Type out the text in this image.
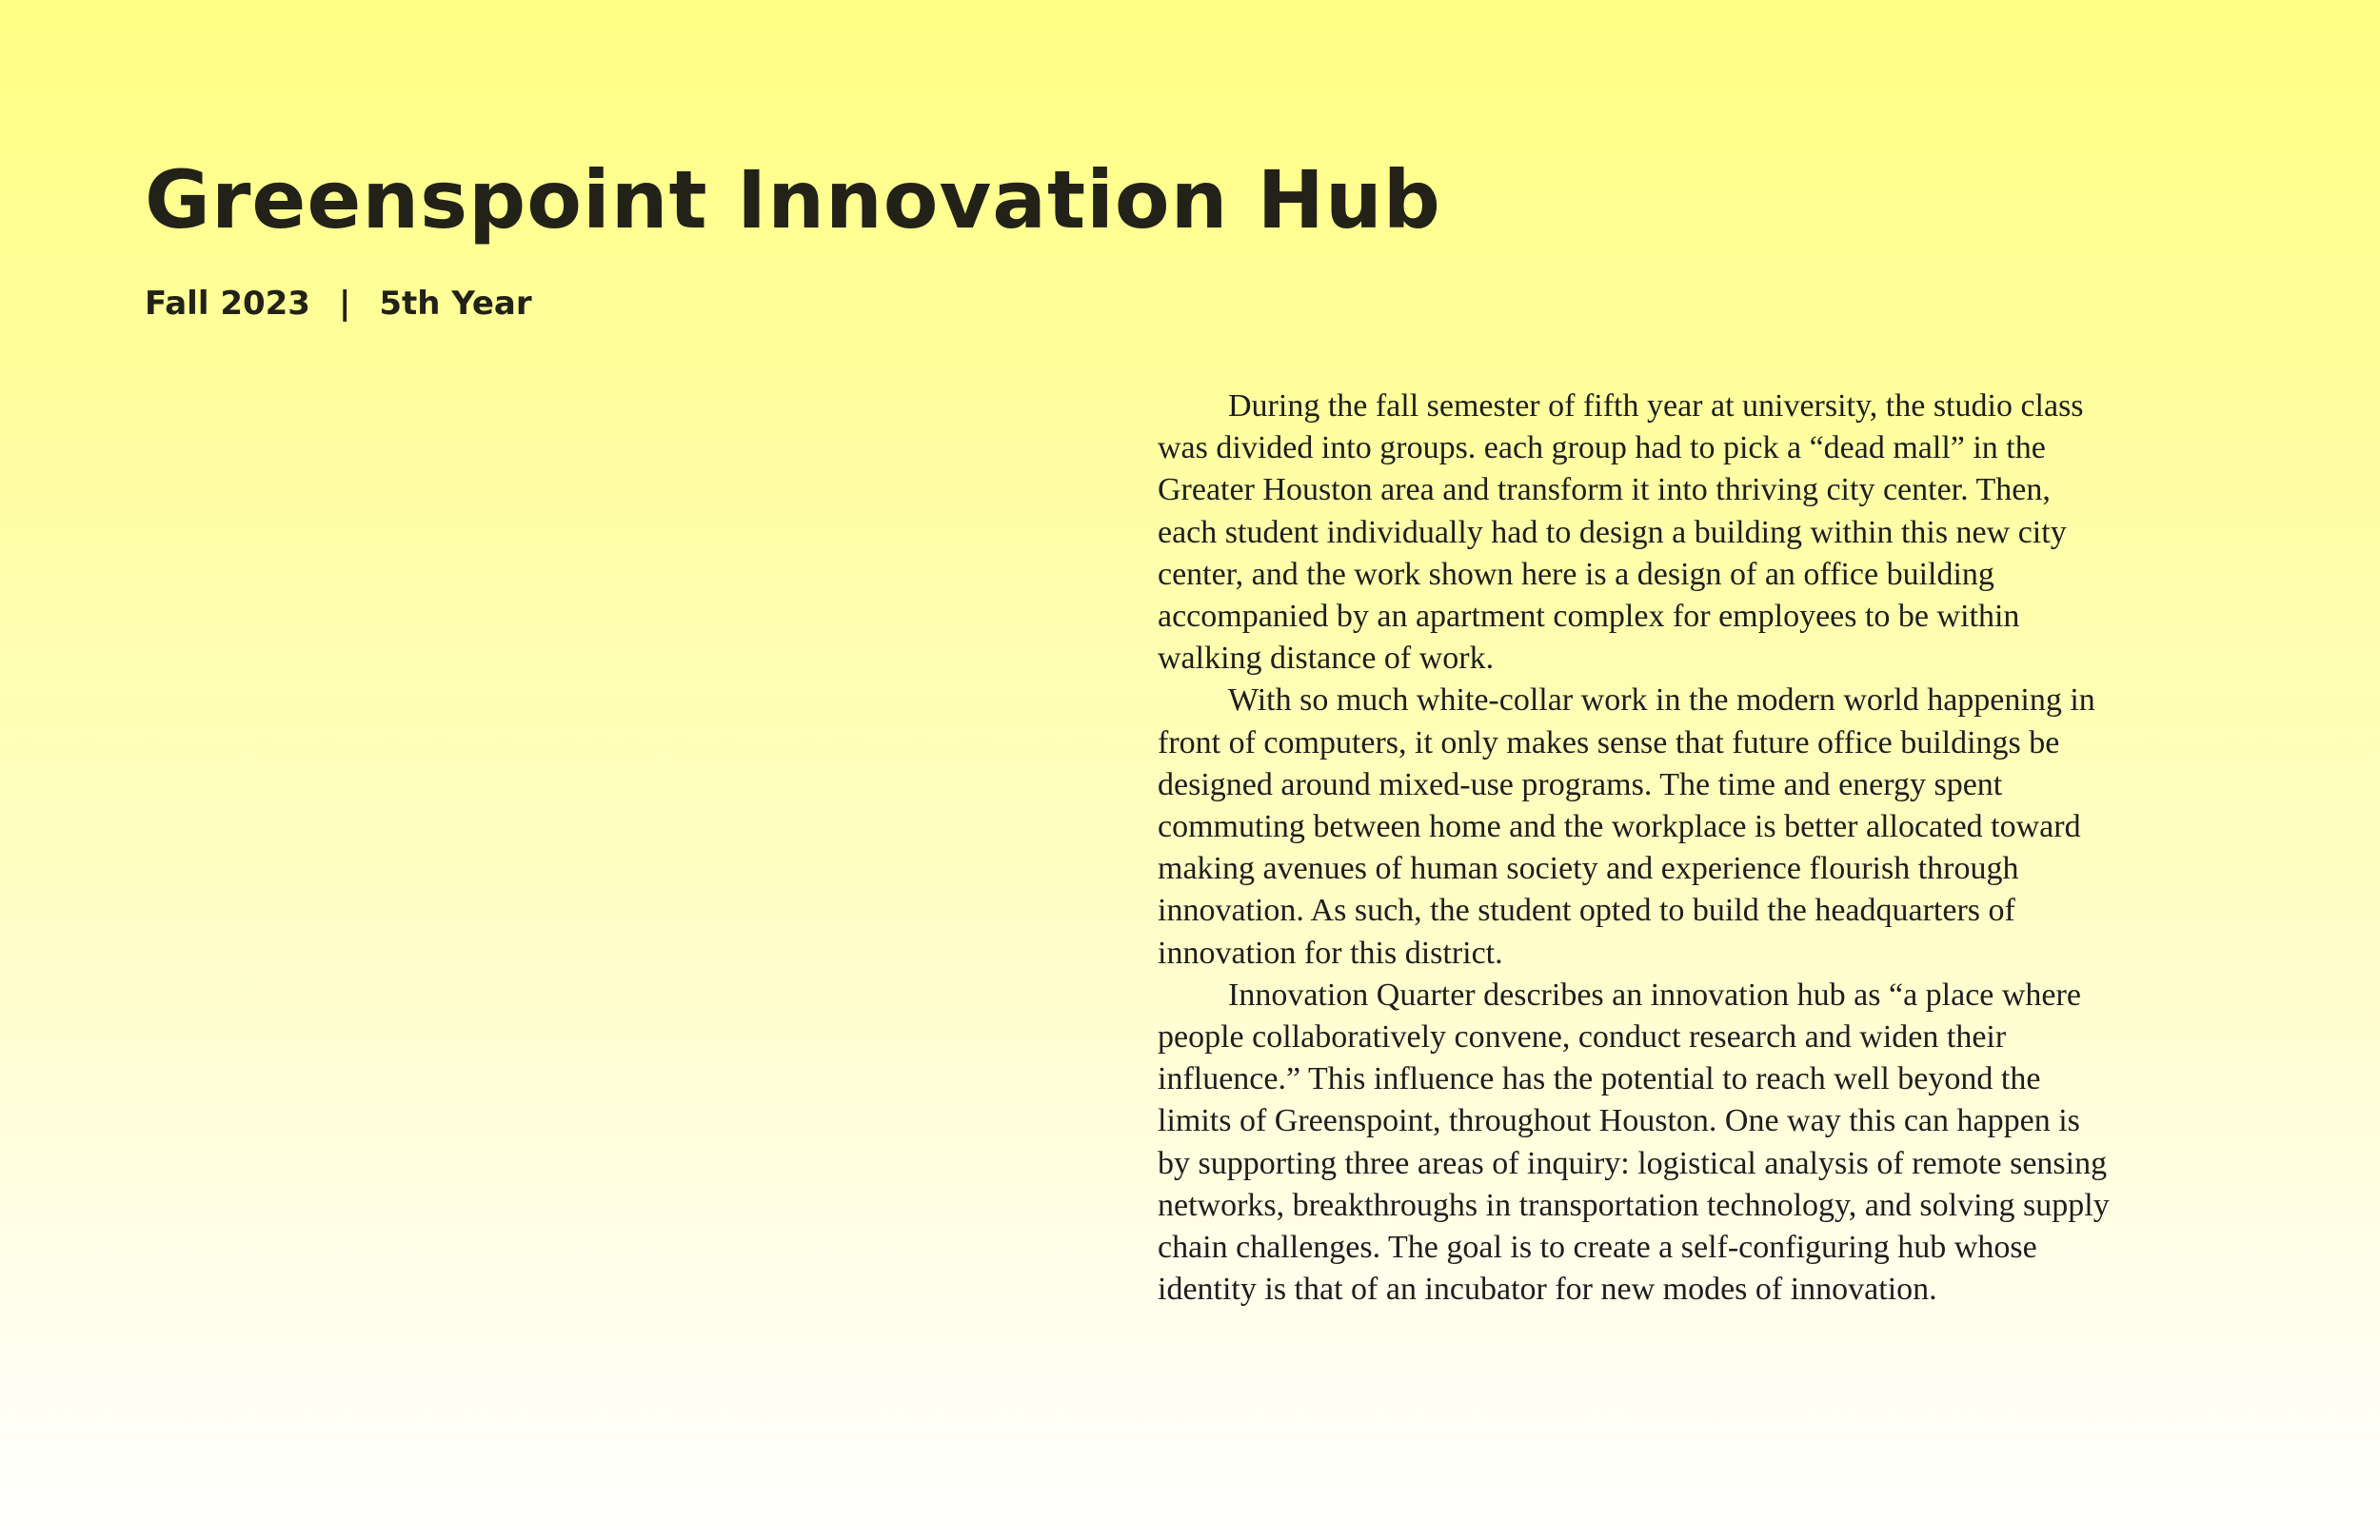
Greenspoint Innovation Hub
Fall 2023 | 5th Year

During the fall semester of fifth year at university, the studio class was divided into groups. each group had to pick a “dead mall” in the Greater Houston area and transform it into thriving city center. Then, each student individually had to design a building within this new city center, and the work shown here is a design of an office building accompanied by an apartment complex for employees to be within walking distance of work.

With so much white-collar work in the modern world happening in front of computers, it only makes sense that future office buildings be designed around mixed-use programs. The time and energy spent commuting between home and the workplace is better allocated toward making avenues of human society and experience flourish through innovation. As such, the student opted to build the headquarters of innovation for this district.

Innovation Quarter describes an innovation hub as “a place where people collaboratively convene, conduct research and widen their influence.” This influence has the potential to reach well beyond the limits of Greenspoint, throughout Houston. One way this can happen is by supporting three areas of inquiry: logistical analysis of remote sensing networks, breakthroughs in transportation technology, and solving supply chain challenges. The goal is to create a self-configuring hub whose identity is that of an incubator for new modes of innovation.
